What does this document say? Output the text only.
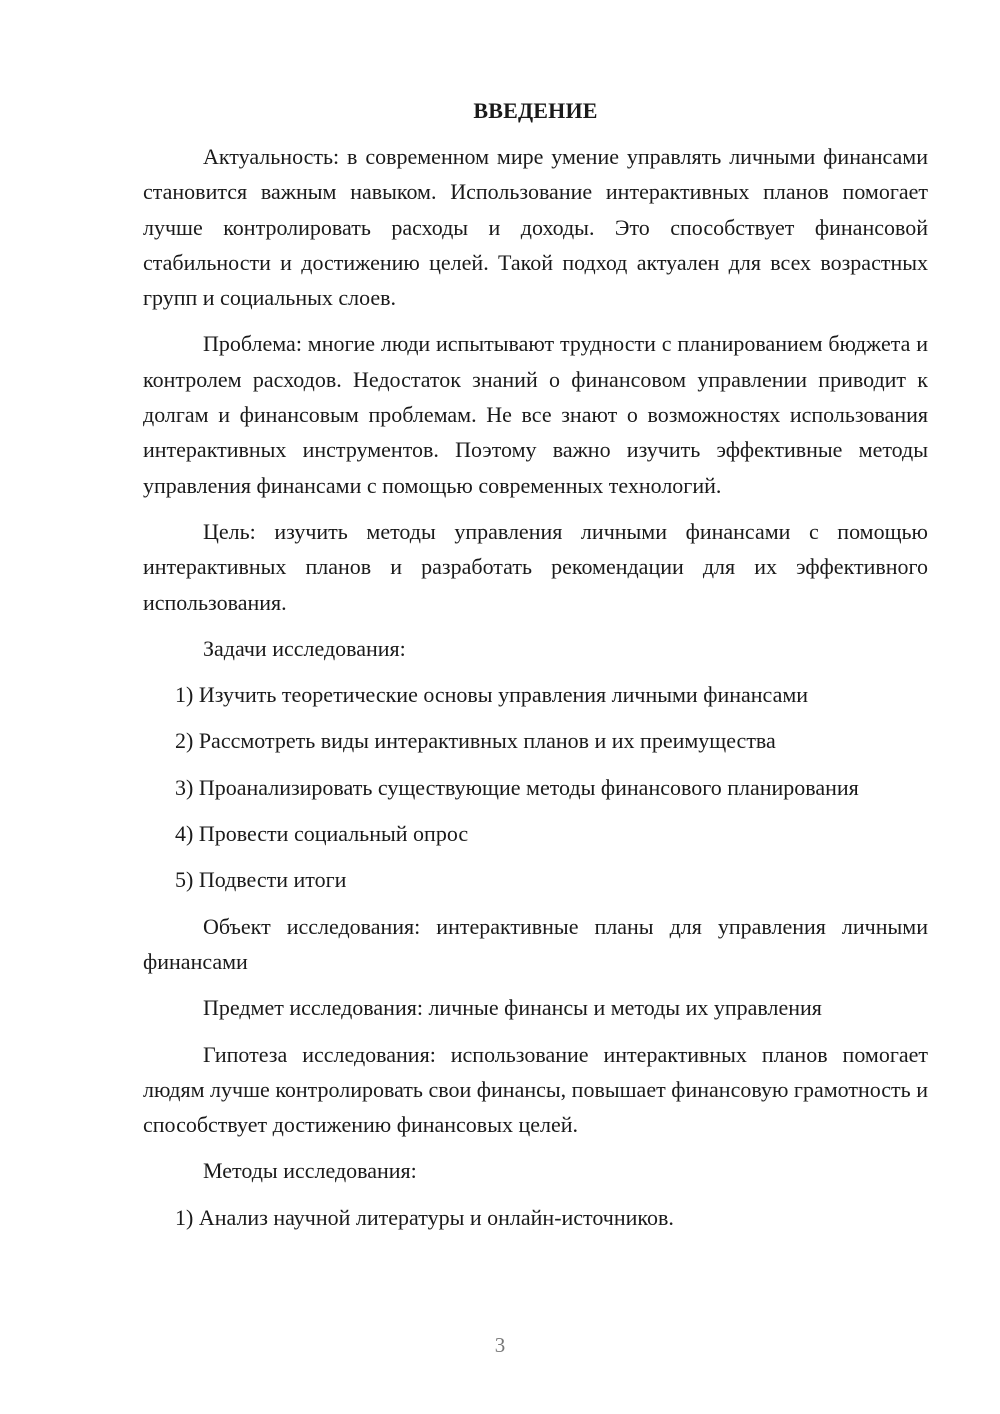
ВВЕДЕНИЕ
Актуальность: в современном мире умение управлять личными финансами становится важным навыком. Использование интерактивных планов помогает лучше контролировать расходы и доходы. Это способствует финансовой стабильности и достижению целей. Такой подход актуален для всех возрастных групп и социальных слоев.
Проблема: многие люди испытывают трудности с планированием бюджета и контролем расходов. Недостаток знаний о финансовом управлении приводит к долгам и финансовым проблемам. Не все знают о возможностях использования интерактивных инструментов. Поэтому важно изучить эффективные методы управления финансами с помощью современных технологий.
Цель: изучить методы управления личными финансами с помощью интерактивных планов и разработать рекомендации для их эффективного использования.
Задачи исследования:
1) Изучить теоретические основы управления личными финансами
2) Рассмотреть виды интерактивных планов и их преимущества
3) Проанализировать существующие методы финансового планирования
4) Провести социальный опрос
5) Подвести итоги
Объект исследования: интерактивные планы для управления личными финансами
Предмет исследования: личные финансы и методы их управления
Гипотеза исследования: использование интерактивных планов помогает людям лучше контролировать свои финансы, повышает финансовую грамотность и способствует достижению финансовых целей.
Методы исследования:
1) Анализ научной литературы и онлайн-источников.
3
